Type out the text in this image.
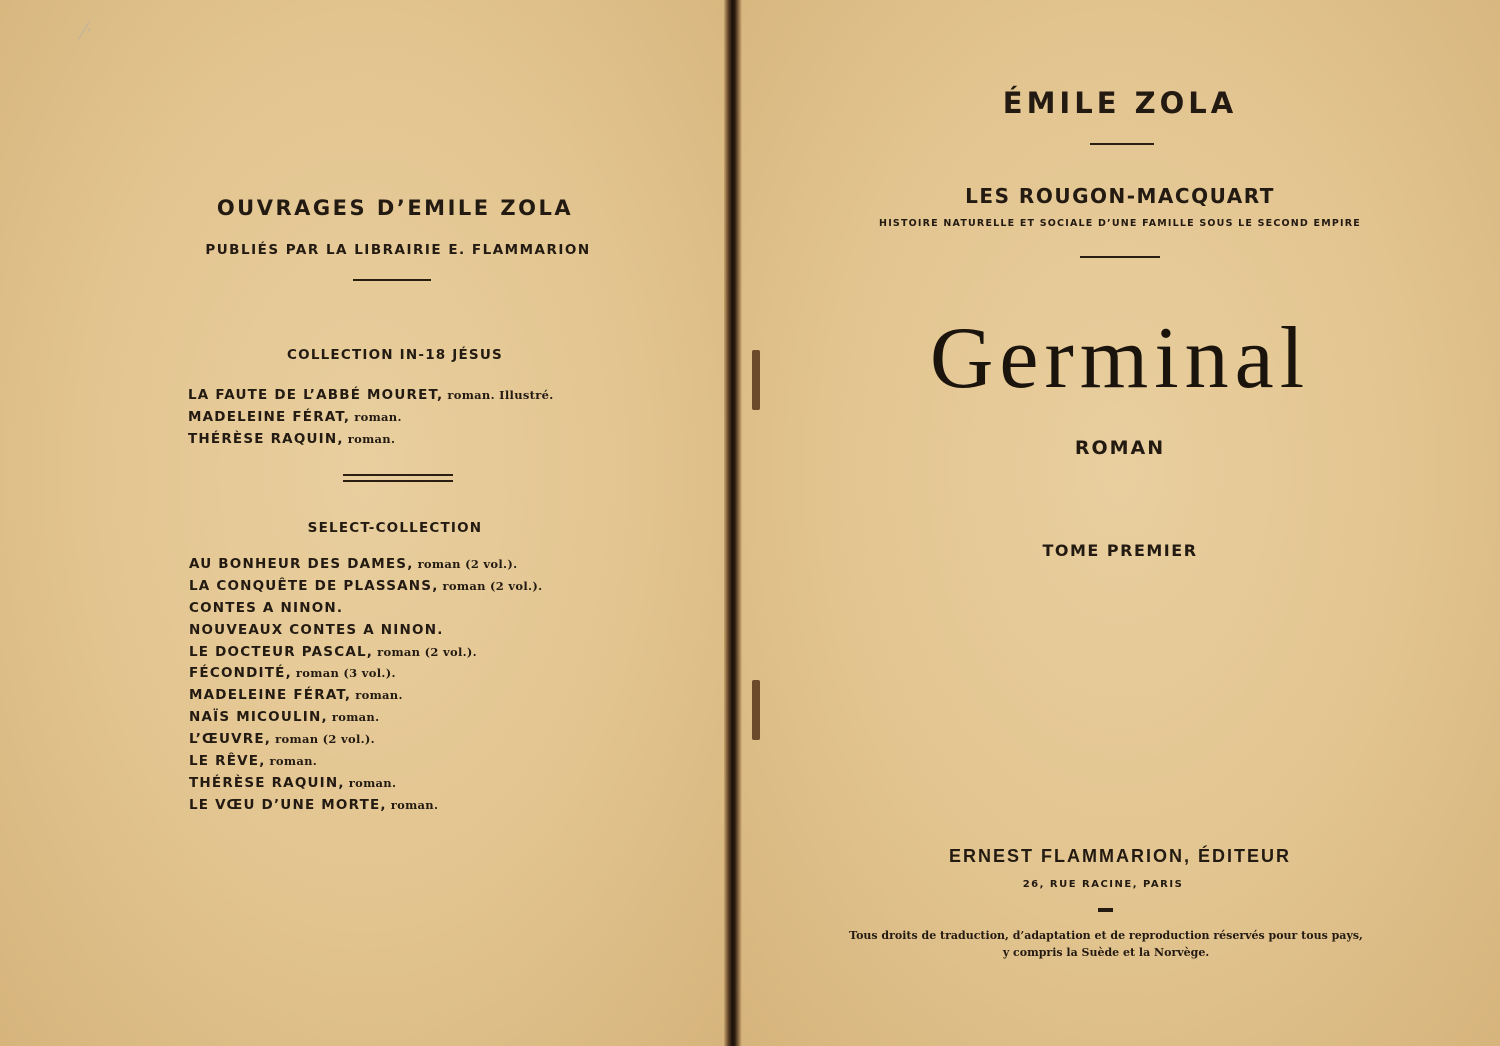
⁄ˑ
OUVRAGES D’EMILE ZOLA
PUBLIÉS PAR LA LIBRAIRIE E. FLAMMARION
COLLECTION IN-18 JÉSUS
LA FAUTE DE L’ABBÉ MOURET, roman. Illustré.
MADELEINE FÉRAT, roman.
THÉRÈSE RAQUIN, roman.
SELECT-COLLECTION
AU BONHEUR DES DAMES, roman (2 vol.).
LA CONQUÊTE DE PLASSANS, roman (2 vol.).
CONTES A NINON.
NOUVEAUX CONTES A NINON.
LE DOCTEUR PASCAL, roman (2 vol.).
FÉCONDITÉ, roman (3 vol.).
MADELEINE FÉRAT, roman.
NAÏS MICOULIN, roman.
L’ŒUVRE, roman (2 vol.).
LE RÊVE, roman.
THÉRÈSE RAQUIN, roman.
LE VŒU D’UNE MORTE, roman.
ÉMILE ZOLA
LES ROUGON-MACQUART
HISTOIRE NATURELLE ET SOCIALE D’UNE FAMILLE SOUS LE SECOND EMPIRE
Germinal
ROMAN
TOME PREMIER
ERNEST FLAMMARION, ÉDITEUR
26, RUE RACINE, PARIS
Tous droits de traduction, d’adaptation et de reproduction réservés pour tous pays,
y compris la Suède et la Norvège.
